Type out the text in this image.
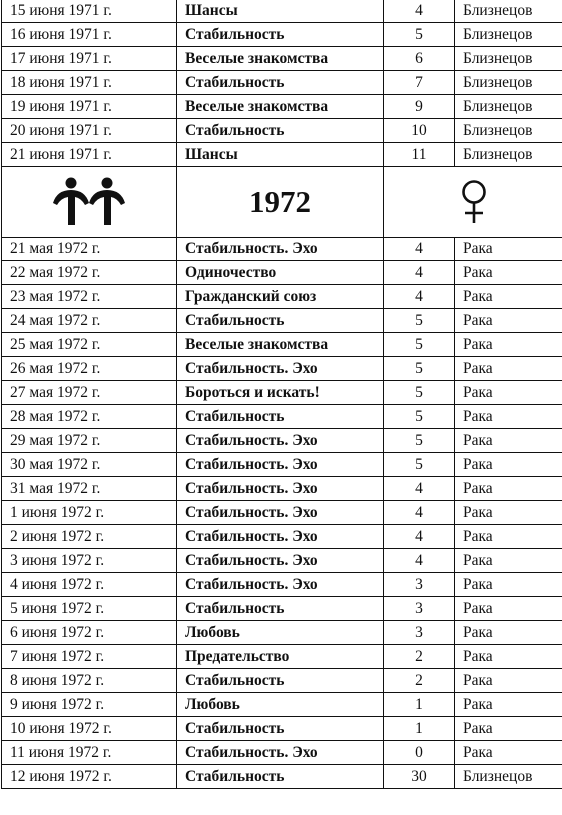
15 июня 1971 г.	Шансы	4	Близнецов
16 июня 1971 г.	Стабильность	5	Близнецов
17 июня 1971 г.	Веселые знакомства	6	Близнецов
18 июня 1971 г.	Стабильность	7	Близнецов
19 июня 1971 г.	Веселые знакомства	9	Близнецов
20 июня 1971 г.	Стабильность	10	Близнецов
21 июня 1971 г.	Шансы	11	Близнецов

	1972	

21 мая 1972 г.	Стабильность. Эхо	4	Рака
22 мая 1972 г.	Одиночество	4	Рака
23 мая 1972 г.	Гражданский союз	4	Рака
24 мая 1972 г.	Стабильность	5	Рака
25 мая 1972 г.	Веселые знакомства	5	Рака
26 мая 1972 г.	Стабильность. Эхо	5	Рака
27 мая 1972 г.	Бороться и искать!	5	Рака
28 мая 1972 г.	Стабильность	5	Рака
29 мая 1972 г.	Стабильность. Эхо	5	Рака
30 мая 1972 г.	Стабильность. Эхо	5	Рака
31 мая 1972 г.	Стабильность. Эхо	4	Рака
1 июня 1972 г.	Стабильность. Эхо	4	Рака
2 июня 1972 г.	Стабильность. Эхо	4	Рака
3 июня 1972 г.	Стабильность. Эхо	4	Рака
4 июня 1972 г.	Стабильность. Эхо	3	Рака
5 июня 1972 г.	Стабильность	3	Рака
6 июня 1972 г.	Любовь	3	Рака
7 июня 1972 г.	Предательство	2	Рака
8 июня 1972 г.	Стабильность	2	Рака
9 июня 1972 г.	Любовь	1	Рака
10 июня 1972 г.	Стабильность	1	Рака
11 июня 1972 г.	Стабильность. Эхо	0	Рака
12 июня 1972 г.	Стабильность	30	Близнецов
